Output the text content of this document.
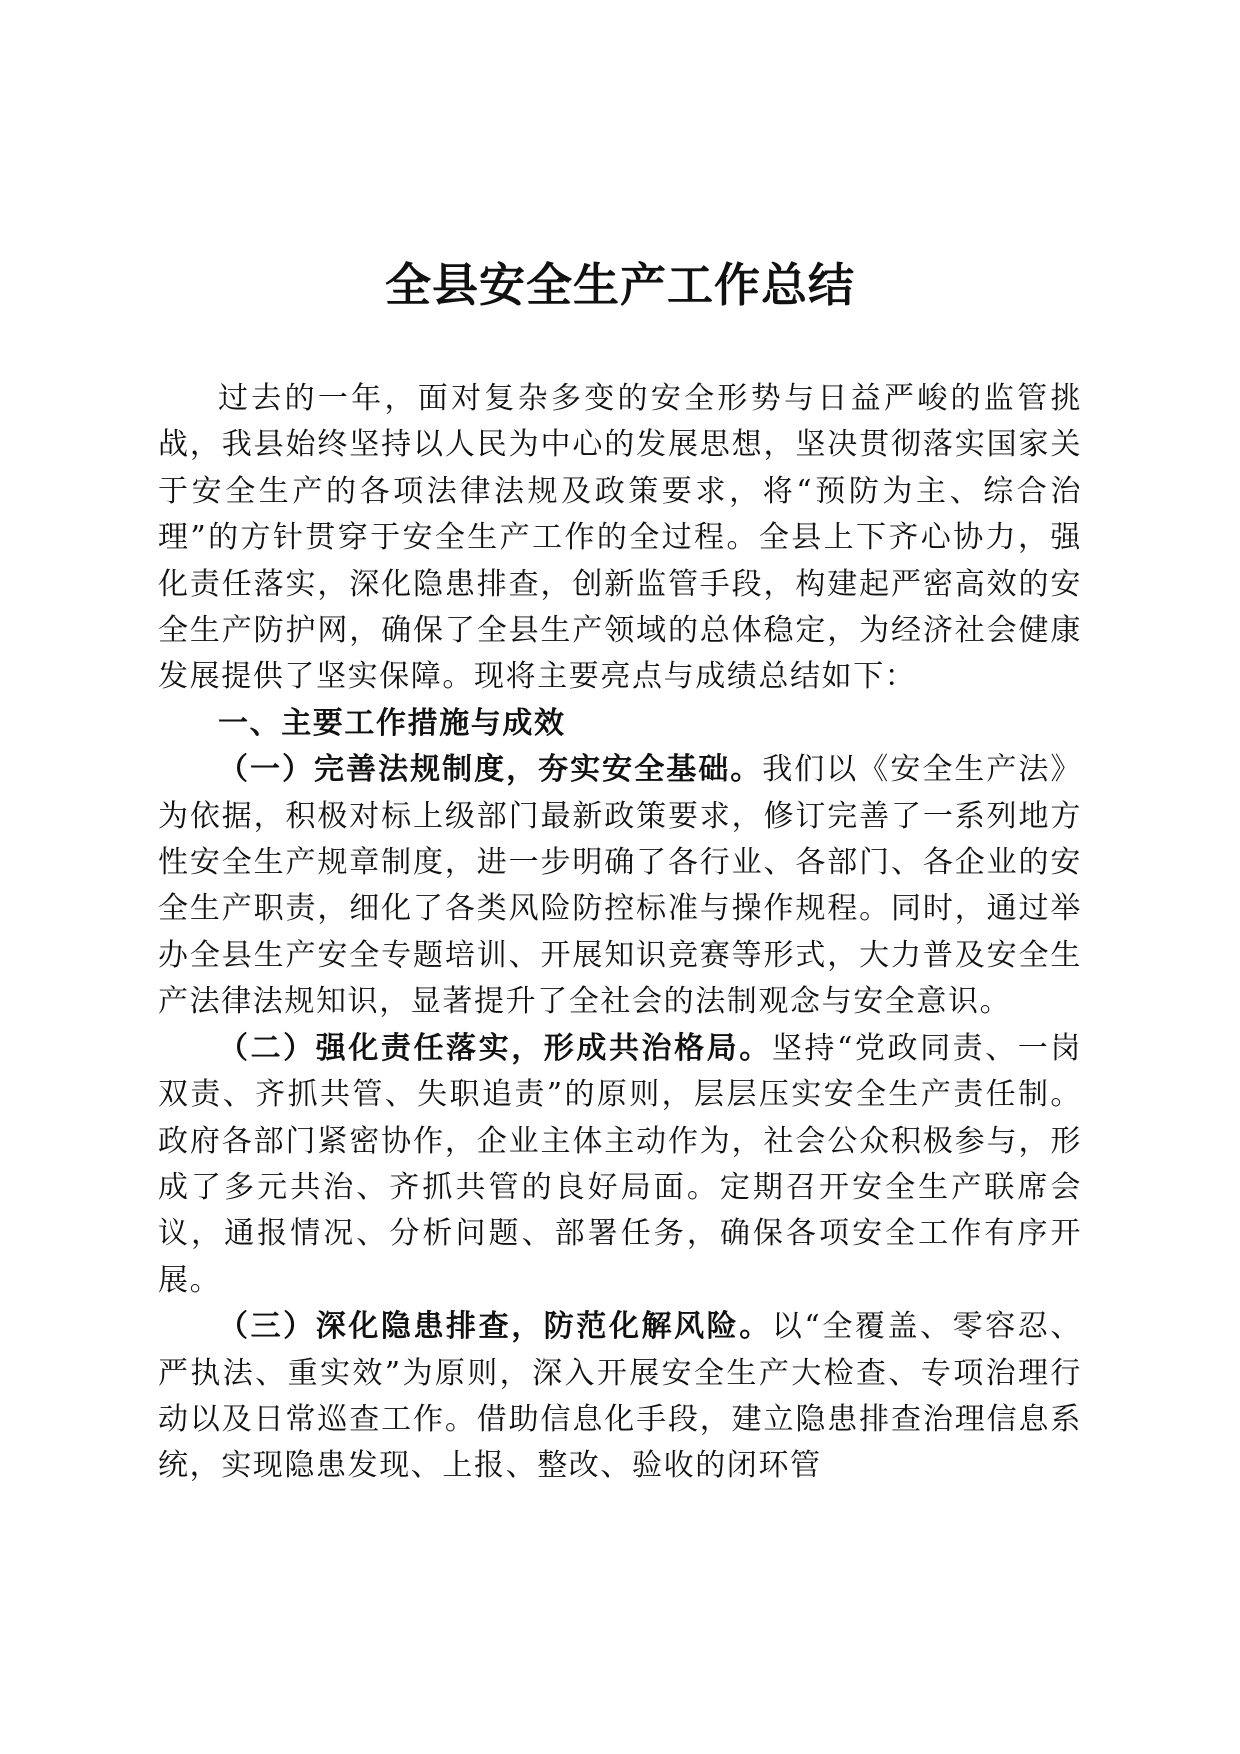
全县安全生产工作总结

过去的一年，面对复杂多变的安全形势与日益严峻的监管挑战，我县始终坚持以人民为中心的发展思想，坚决贯彻落实国家关于安全生产的各项法律法规及政策要求，将“预防为主、综合治理”的方针贯穿于安全生产工作的全过程。全县上下齐心协力，强化责任落实，深化隐患排查，创新监管手段，构建起严密高效的安全生产防护网，确保了全县生产领域的总体稳定，为经济社会健康发展提供了坚实保障。现将主要亮点与成绩总结如下：

一、主要工作措施与成效

（一）完善法规制度，夯实安全基础。我们以《安全生产法》为依据，积极对标上级部门最新政策要求，修订完善了一系列地方性安全生产规章制度，进一步明确了各行业、各部门、各企业的安全生产职责，细化了各类风险防控标准与操作规程。同时，通过举办全县生产安全专题培训、开展知识竞赛等形式，大力普及安全生产法律法规知识，显著提升了全社会的法制观念与安全意识。

（二）强化责任落实，形成共治格局。坚持“党政同责、一岗双责、齐抓共管、失职追责”的原则，层层压实安全生产责任制。政府各部门紧密协作，企业主体主动作为，社会公众积极参与，形成了多元共治、齐抓共管的良好局面。定期召开安全生产联席会议，通报情况、分析问题、部署任务，确保各项安全工作有序开展。

（三）深化隐患排查，防范化解风险。以“全覆盖、零容忍、严执法、重实效”为原则，深入开展安全生产大检查、专项治理行动以及日常巡查工作。借助信息化手段，建立隐患排查治理信息系统，实现隐患发现、上报、整改、验收的闭环管
